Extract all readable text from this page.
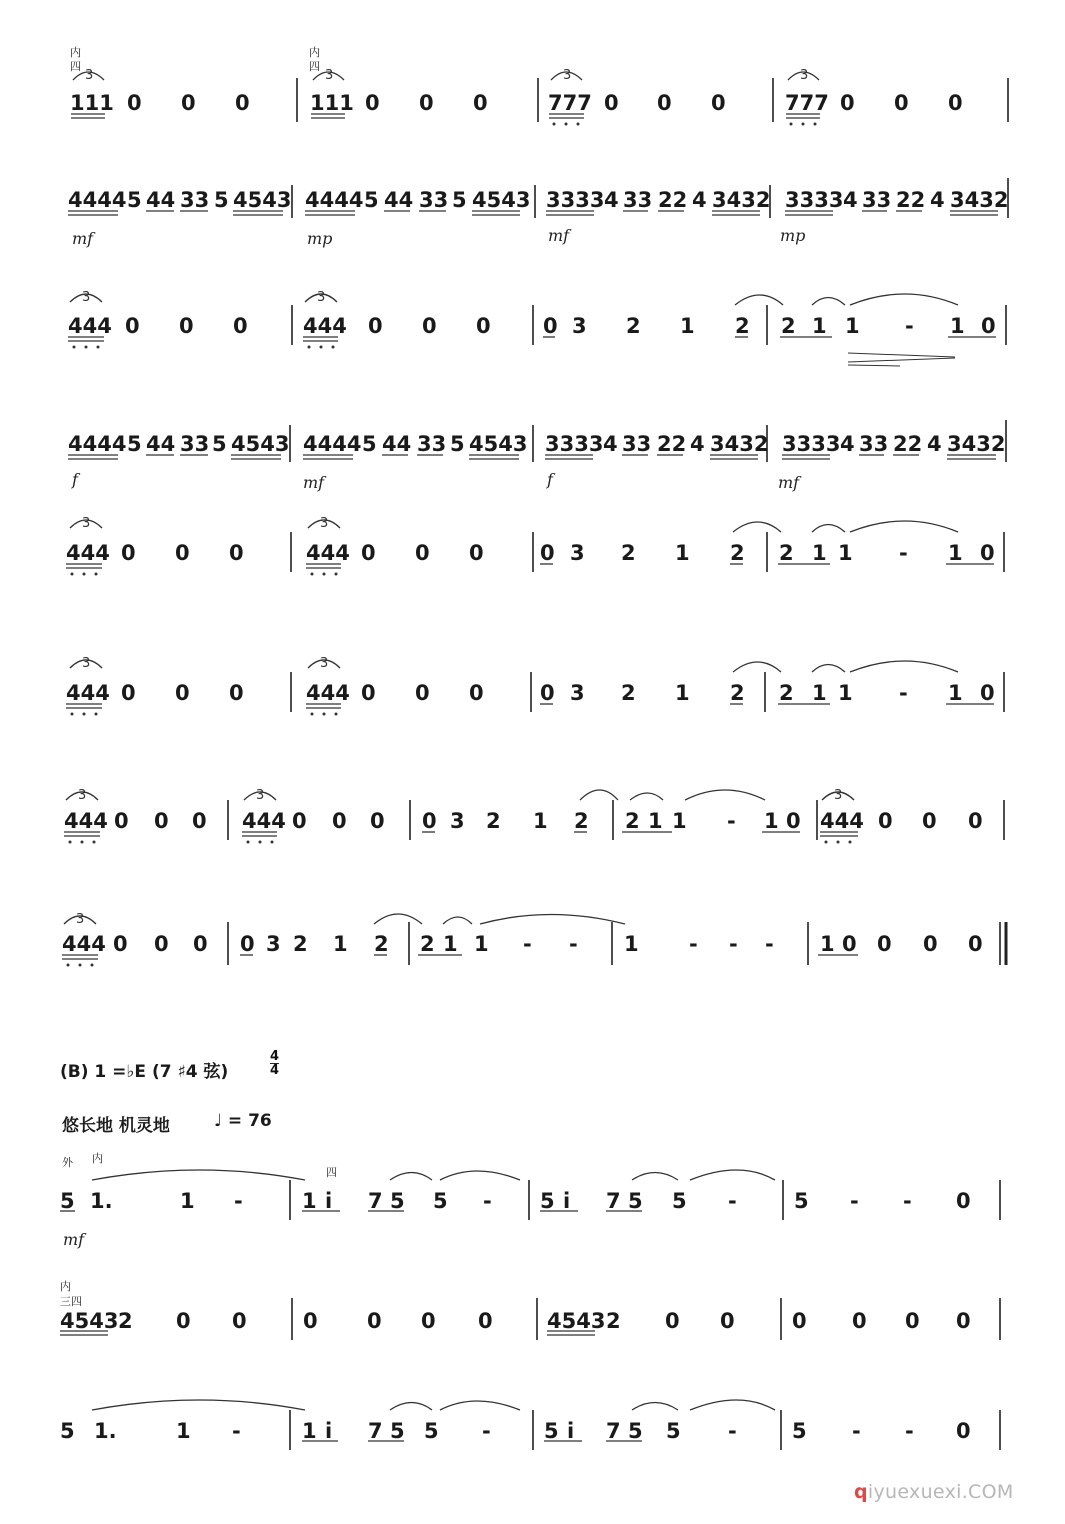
3	3	3	3
3	3
3	3
3	3
3	3	3
3
内
四
内
四
111 0 0 0	111 0 0 0	777 0 0 0	777 0 0 0
4444 5 44 33 5 4543 4444 5 44 33 5 4543 3333 4 33 22 4 3432 3333 4 33 22 4 3432
mf	mp	mf	mp
444 0 0 0	444 0 0 0 0 3 2 1 2 2 1 1 - 1 0
4444 5 44 33 5 4543 4444 5 44 33 5 4543 3333 4 33 22 4 3432 3333 4 33 22 4 3432
f	mf	f	mf
444 0 0 0	444 0 0 0	0 3 2 1 2 2 1 1 - 1 0
444 0 0 0	444 0 0 0	0 3 2 1 2 2 1 1 - 1 0
444 0 0 0 444 0 0 0 0 3 2 1 2 2 1 1 - 1 0 444 0 0 0
444 0 0 0 0 3 2 1 2 2 1 1 - - 1 - - - 1 0 0 0 0
(B) 1 =♭E (7 ♯4 弦)
4
4
悠长地 机灵地	♩ = 76
外 内
四
5 1.	1 -	1 i 7 5 5 - 5 i 7 5 5 -	5 - - 0
mf
内
三四
4543 2 0 0	0 0 0 0	4543 2 0 0	0 0 0 0
5 1.	1 -	1 i 7 5 5 -	5 i 7 5 5 -	5 - - 0
qiyuexuexi.COM
